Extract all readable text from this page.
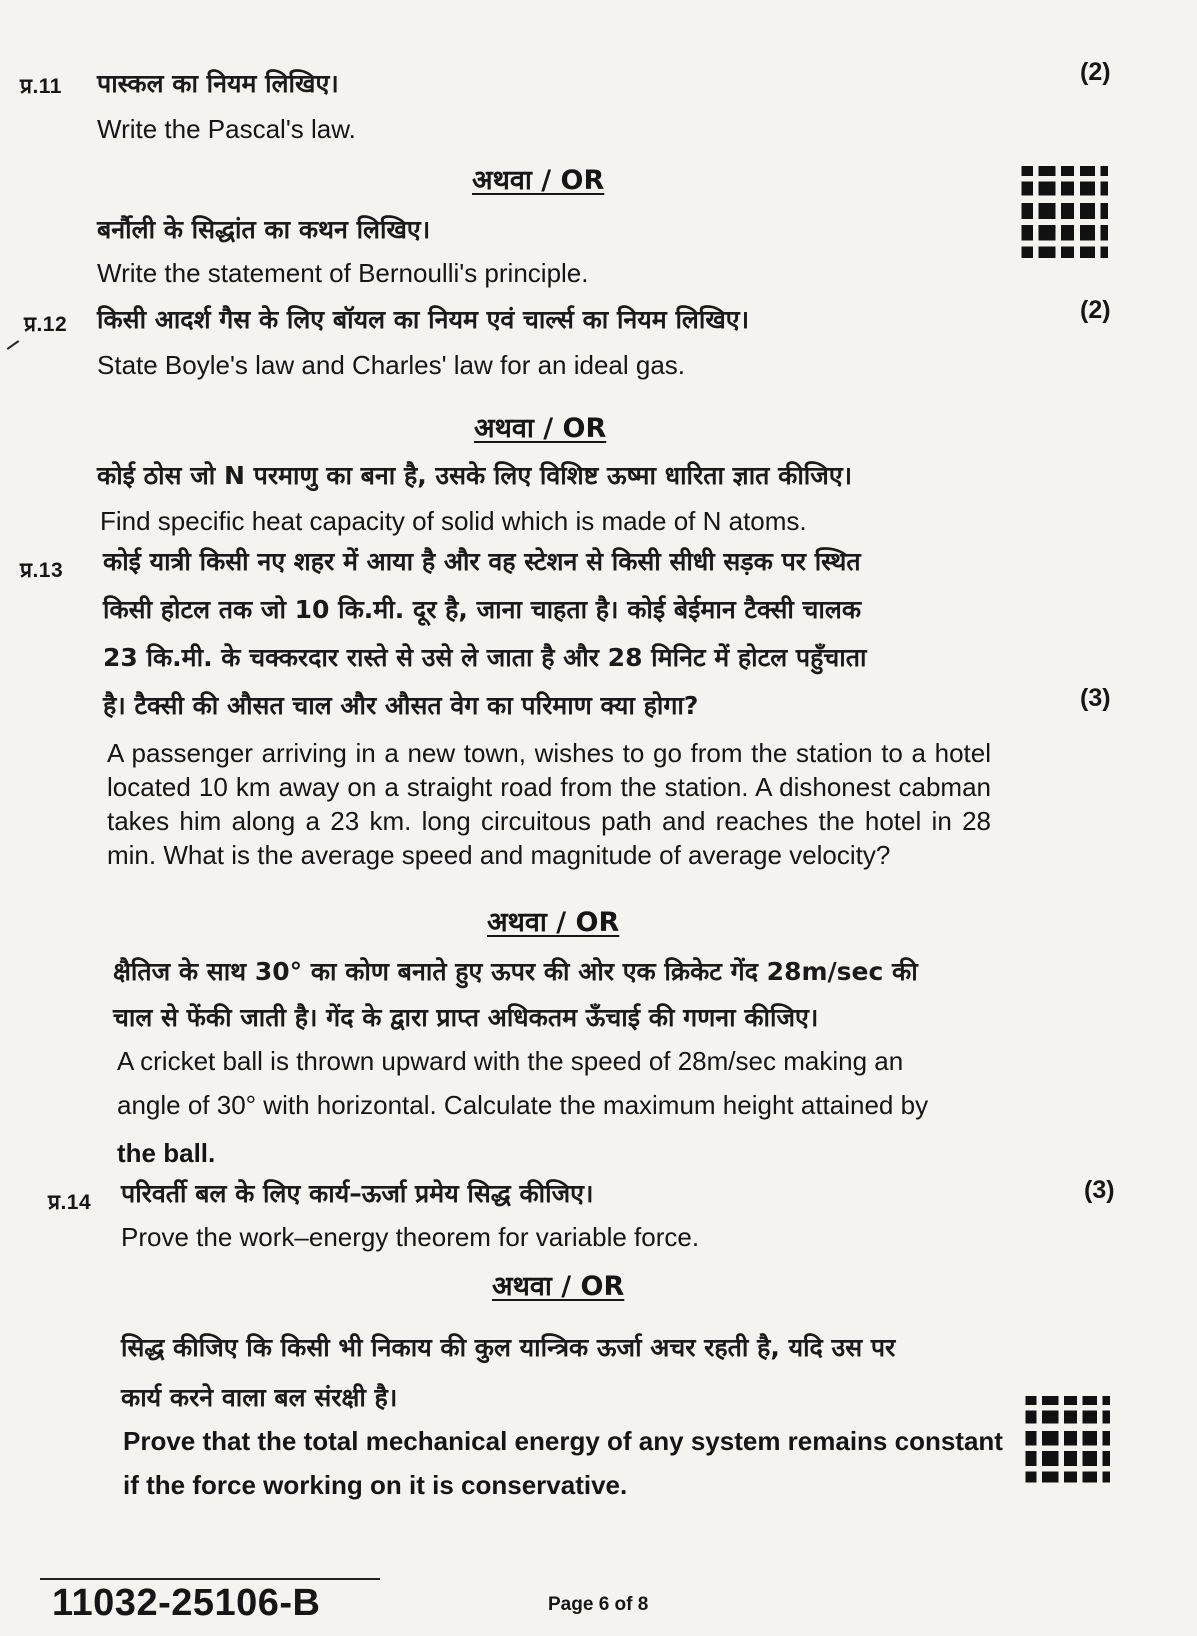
प्र.11 पास्कल का नियम लिखिए।	(2)
Write the Pascal's law.
अथवा / OR
बर्नौली के सिद्धांत का कथन लिखिए।
Write the statement of Bernoulli's principle.
प्र.12 किसी आदर्श गैस के लिए बॉयल का नियम एवं चार्ल्स का नियम लिखिए।	(2)
State Boyle's law and Charles' law for an ideal gas.
अथवा / OR
कोई ठोस जो N परमाणु का बना है, उसके लिए विशिष्ट ऊष्मा धारिता ज्ञात कीजिए।
Find specific heat capacity of solid which is made of N atoms.
प्र.13 कोई यात्री किसी नए शहर में आया है और वह स्टेशन से किसी सीधी सड़क पर स्थित
किसी होटल तक जो 10 कि.मी. दूर है, जाना चाहता है। कोई बेईमान टैक्सी चालक
23 कि.मी. के चक्करदार रास्ते से उसे ले जाता है और 28 मिनिट में होटल पहुँचाता
है। टैक्सी की औसत चाल और औसत वेग का परिमाण क्या होगा?	(3)
A passenger arriving in a new town, wishes to go from the station to a hotel located 10 km away on a straight road from the station. A dishonest cabman takes him along a 23 km. long circuitous path and reaches the hotel in 28 min. What is the average speed and magnitude of average velocity?
अथवा / OR
क्षैतिज के साथ 30° का कोण बनाते हुए ऊपर की ओर एक क्रिकेट गेंद 28m/sec की
चाल से फेंकी जाती है। गेंद के द्वारा प्राप्त अधिकतम ऊँचाई की गणना कीजिए।
A cricket ball is thrown upward with the speed of 28m/sec making an
angle of 30° with horizontal. Calculate the maximum height attained by
the ball.
प्र.14 परिवर्ती बल के लिए कार्य–ऊर्जा प्रमेय सिद्ध कीजिए।	(3)
Prove the work–energy theorem for variable force.
अथवा / OR
सिद्ध कीजिए कि किसी भी निकाय की कुल यान्त्रिक ऊर्जा अचर रहती है, यदि उस पर
कार्य करने वाला बल संरक्षी है।
Prove that the total mechanical energy of any system remains constant
if the force working on it is conservative.
11032-25106-B	Page 6 of 8
